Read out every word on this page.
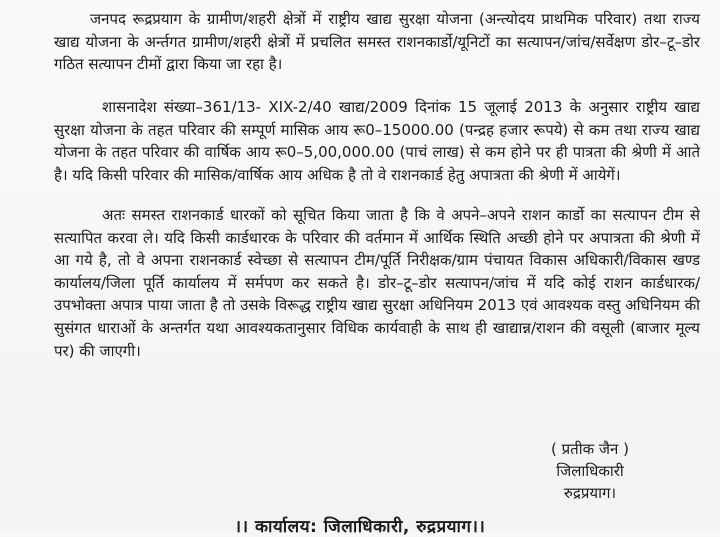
जनपद रूद्रप्रयाग के ग्रामीण/शहरी क्षेत्रों में राष्ट्रीय खाद्य सुरक्षा योजना (अन्त्योदय प्राथमिक परिवार) तथा राज्य खाद्य योजना के अर्न्तगत ग्रामीण/शहरी क्षेत्रों में प्रचलित समस्त राशनकार्डो/यूनिटों का सत्यापन/जांच/सर्वेक्षण डोर–टू–डोर गठित सत्यापन टीमों द्वारा किया जा रहा है।

शासनादेश संख्या–361/13- XIX-2/40 खाद्य/2009 दिनांक 15 जूलाई 2013 के अनुसार राष्ट्रीय खाद्य सुरक्षा योजना के तहत परिवार की सम्पूर्ण मासिक आय रू0–15000.00 (पन्द्रह हजार रूपये) से कम तथा राज्य खाद्य योजना के तहत परिवार की वार्षिक आय रू0–5,00,000.00 (पाचं लाख) से कम होने पर ही पात्रता की श्रेणी में आते है। यदि किसी परिवार की मासिक/वार्षिक आय अधिक है तो वे राशनकार्ड हेतु अपात्रता की श्रेणी में आयेगें।

अतः समस्त राशनकार्ड धारकों को सूचित किया जाता है कि वे अपने–अपने राशन कार्डो का सत्यापन टीम से सत्यापित करवा ले। यदि किसी कार्डधारक के परिवार की वर्तमान में आर्थिक स्थिति अच्छी होने पर अपात्रता की श्रेणी में आ गये है, तो वे अपना राशनकार्ड स्वेच्छा से सत्यापन टीम/पूर्ति निरीक्षक/ग्राम पंचायत विकास अधिकारी/विकास खण्ड कार्यालय/जिला पूर्ति कार्यालय में सर्मपण कर सकते है। डोर–टू–डोर सत्यापन/जांच में यदि कोई राशन कार्डधारक/उपभोक्ता अपात्र पाया जाता है तो उसके विरूद्ध राष्ट्रीय खाद्य सुरक्षा अधिनियम 2013 एवं आवश्यक वस्तु अधिनियम की सुसंगत धाराओं के अन्तर्गत यथा आवश्यकतानुसार विधिक कार्यवाही के साथ ही खाद्यान्न/राशन की वसूली (बाजार मूल्य पर) की जाएगी।

( प्रतीक जैन )
जिलाधिकारी
रुद्रप्रयाग।
।। कार्यालय: जिलाधिकारी, रुद्रप्रयाग।।
